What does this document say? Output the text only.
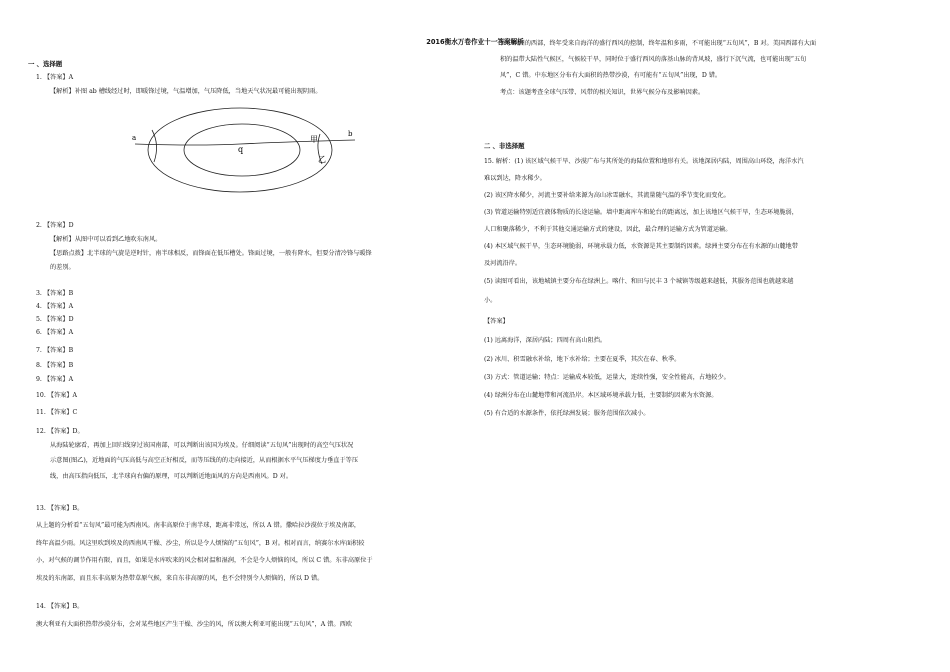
2016衡水万卷作业十一答案解析
一 、选择题
1. 【答案】A
【解析】补图 ab 槽线经过时，即暖锋过境，气温增加，气压降低，当地天气状况最可能出现阴雨。
2. 【答案】D
【解析】从图中可以看到乙地吹东南风。
【思路点拨】北半球的气旋是逆时针，南半球相反，而锋面在低压槽处。锋面过境，一般有降水，但要分清冷锋与暖锋
的差别。
3. 【答案】B
4. 【答案】A
5. 【答案】D
6. 【答案】A
7. 【答案】B
8. 【答案】B
9. 【答案】A
10. 【答案】A
11. 【答案】C
12. 【答案】D。
从海陆轮廓看，再加上回归线穿过该国南部，可以判断出该国为埃及。仔细阅读“五旬风”出现时的高空气压状况
示意图(图乙)，近地面的气压高低与高空正好相反，而等压线的的走向接近，从而根据水平气压梯度力垂直于等压
线，由高压指向低压，北半球向右偏的原理，可以判断近地面风的方向是西南风。D 对。
13. 【答案】B。
从上题的分析看“五旬风”最可能为西南风。南非高原位于南半球，距离非常远，所以 A 错。撒哈拉沙漠位于埃及南部，
终年高温少雨。风这里吹到埃及的西南风干燥、沙尘，所以是令人烦恼的“五旬风”，B 对。相对而言，纳赛尔水库面积较
小，对气候的调节作用有限，而且，如果是水库吹来的风会相对温和湿润，不会是令人烦恼的风，所以 C 错。东非高原位于
埃及的东南部，而且东非高原为热带草原气候，来自东非高原的风，也不会特别令人烦恼的，所以 D 错。
14. 【答案】B。
澳大利亚有大面积热带沙漠分布，会对某些地区产生干燥、沙尘的风，所以澳大利亚可能出现“五旬风”，A 错。西欧
位于欧洲的西部，终年受来自海洋的盛行西风的控制，终年温和多雨，不可能出现“五旬风”，B 对。美国西部有大面
积的温带大陆性气候区，气候较干旱，同时位于盛行西风的落基山脉的背风坡，盛行下沉气流，也可能出现“五旬
风”，C 错。中东地区分布有大面积的热带沙漠，有可能有“五旬风”出现，D 错。
考点：该题考查全球气压带、风带的相关知识，世界气候分布及影响因素。
二 、非选择题
15. 解析：(1) 该区域气候干旱、沙漠广布与其所处的海陆位置和地形有关。该地深居内陆，周围高山环绕，海洋水汽
难以到达，降水稀少。
(2) 该区降水稀少，河流主要补给来源为高山冰雪融水，其流量随气温的季节变化而变化。
(3) 管道运输特别适宜液体物质的长途运输。墙中距离库车和轮台的距离远，加上该地区气候干旱，生态环境脆弱，
人口和聚落稀少，不利于其他交通运输方式的建设，因此，最合理的运输方式为管道运输。
(4) 本区域气候干旱，生态环境脆弱，环境承载力低，水资源是其主要制约因素。绿洲主要分布在有水源的山麓地带
及河流沿岸。
(5) 读图可看出，该地城镇主要分布在绿洲上。喀什、和田与民丰 3 个城镇等级越来越低，其服务范围也就越来越
小。
【答案】
(1) 远离海洋，深居内陆；四周有高山阻挡。
(2) 冰川、积雪融水补给，地下水补给；主要在夏季，其次在春、秋季。
(3) 方式：管道运输；特点：运输成本较低，运量大，连续性强，安全性能高，占地较少。
(4) 绿洲分布在山麓地带和河流沿岸。本区域环境承载力低，主要制约因素为水资源。
(5) 有合适的水源条件，依托绿洲发展；服务范围依次减小。
q
甲
乙
a	b
